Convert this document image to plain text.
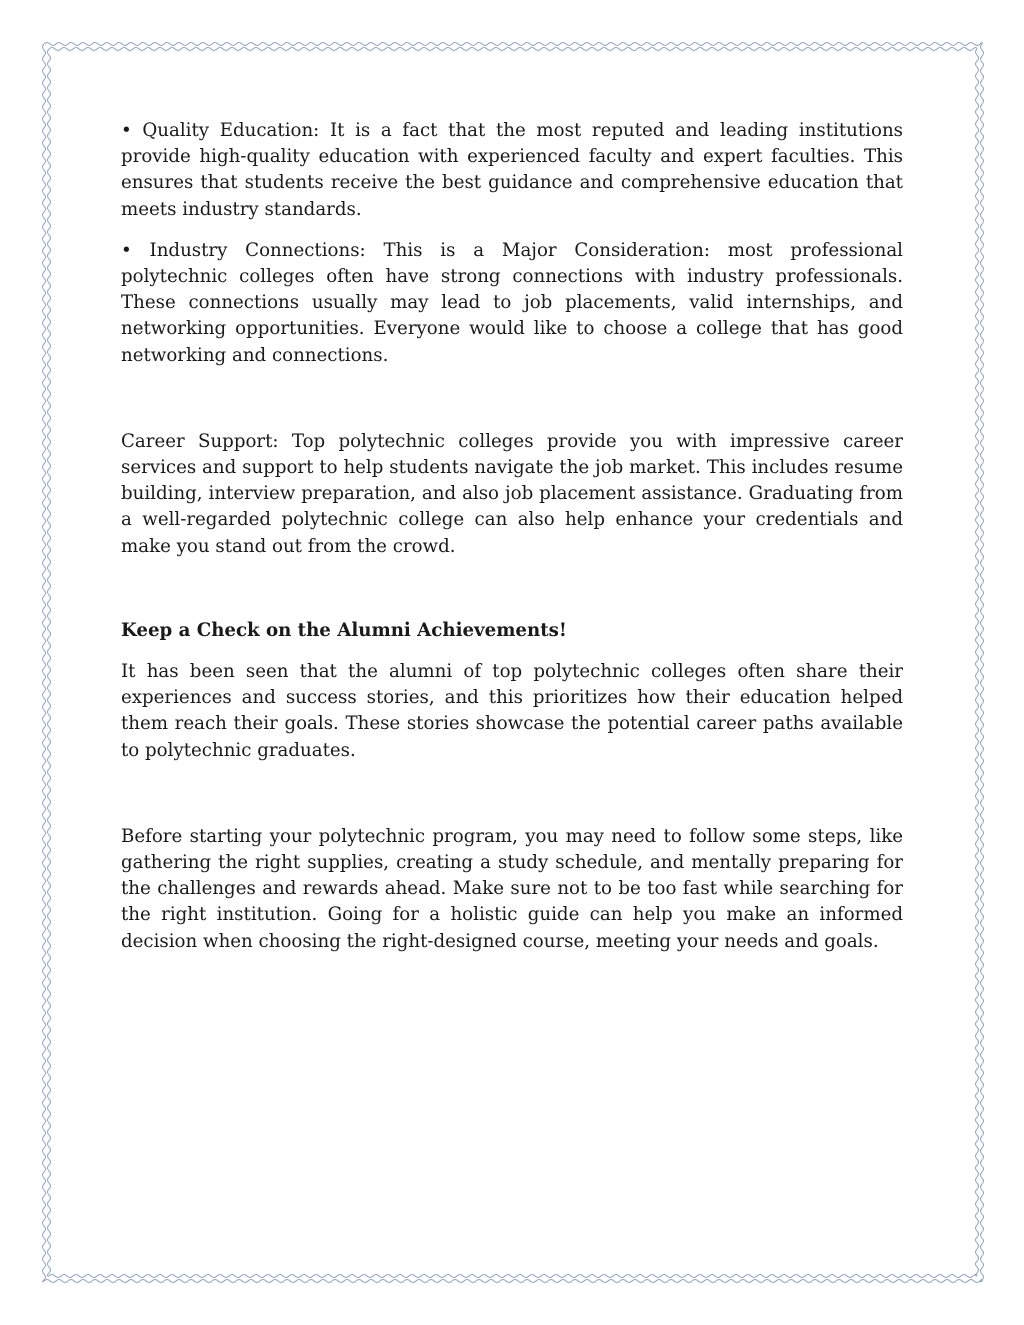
• Quality Education: It is a fact that the most reputed and leading institutions provide high-quality education with experienced faculty and expert faculties. This ensures that students receive the best guidance and comprehensive education that meets industry standards.

• Industry Connections: This is a Major Consideration: most professional polytechnic colleges often have strong connections with industry professionals. These connections usually may lead to job placements, valid internships, and networking opportunities. Everyone would like to choose a college that has good networking and connections.

Career Support: Top polytechnic colleges provide you with impressive career services and support to help students navigate the job market. This includes resume building, interview preparation, and also job placement assistance. Graduating from a well-regarded polytechnic college can also help enhance your credentials and make you stand out from the crowd.

Keep a Check on the Alumni Achievements!

It has been seen that the alumni of top polytechnic colleges often share their experiences and success stories, and this prioritizes how their education helped them reach their goals. These stories showcase the potential career paths available to polytechnic graduates.

Before starting your polytechnic program, you may need to follow some steps, like gathering the right supplies, creating a study schedule, and mentally preparing for the challenges and rewards ahead. Make sure not to be too fast while searching for the right institution. Going for a holistic guide can help you make an informed decision when choosing the right-designed course, meeting your needs and goals.
